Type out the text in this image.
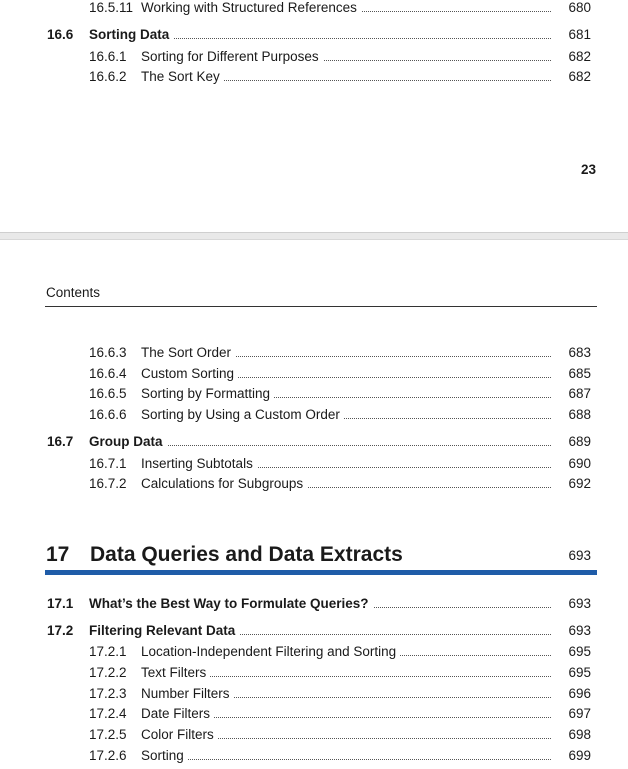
16.5.11 Working with Structured References	680
16.6 Sorting Data	681
16.6.1 Sorting for Different Purposes	682
16.6.2 The Sort Key	682
23
Contents
16.6.3 The Sort Order	683
16.6.4 Custom Sorting	685
16.6.5 Sorting by Formatting	687
16.6.6 Sorting by Using a Custom Order	688
16.7 Group Data	689
16.7.1 Inserting Subtotals	690
16.7.2 Calculations for Subgroups	692
17 Data Queries and Data Extracts	693
17.1 What’s the Best Way to Formulate Queries?	693
17.2 Filtering Relevant Data	693
17.2.1 Location-Independent Filtering and Sorting	695
17.2.2 Text Filters	695
17.2.3 Number Filters	696
17.2.4 Date Filters	697
17.2.5 Color Filters	698
17.2.6 Sorting	699
